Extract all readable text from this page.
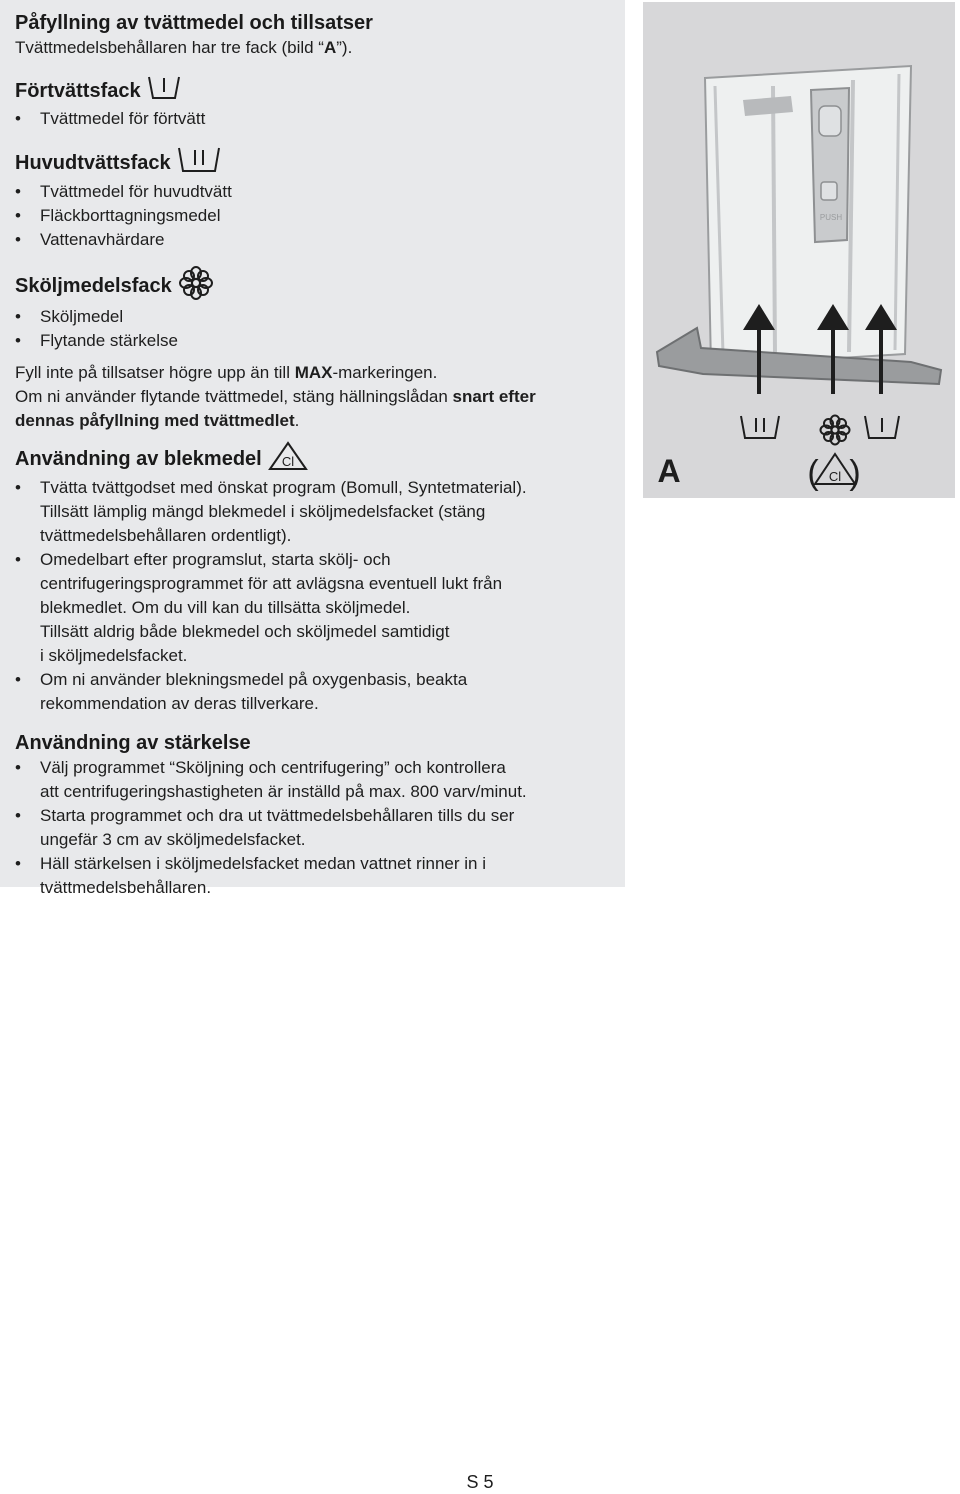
Påfyllning av tvättmedel och tillsatser

Tvättmedelsbehållaren har tre fack (bild “A”).

Förtvättsfack

•
Tvättmedel för förtvätt

Huvudtvättsfack

•
Tvättmedel för huvudtvätt

•
Fläckborttagningsmedel

•
Vattenavhärdare

Sköljmedelsfack

•
Sköljmedel

•
Flytande stärkelse

Fyll inte på tillsatser högre upp än till MAX-markeringen.

Om ni använder flytande tvättmedel, stäng hällningslådan snart efter

dennas påfyllning med tvättmedlet.

Användning av blekmedel Cl

•
Tvätta tvättgodset med önskat program (Bomull, Syntetmaterial).

Tillsätt lämplig mängd blekmedel i sköljmedelsfacket (stäng

tvättmedelsbehållaren ordentligt).

•
Omedelbart efter programslut, starta skölj- och

centrifugeringsprogrammet för att avlägsna eventuell lukt från

blekmedlet. Om du vill kan du tillsätta sköljmedel.

Tillsätt aldrig både blekmedel och sköljmedel samtidigt

i sköljmedelsfacket.

•
Om ni använder blekningsmedel på oxygenbasis, beakta

rekommendation av deras tillverkare.

Användning av stärkelse

•
Välj programmet “Sköljning och centrifugering” och kontrollera

att centrifugeringshastigheten är inställd på max. 800 varv/minut.

•
Starta programmet och dra ut tvättmedelsbehållaren tills du ser

ungefär 3 cm av sköljmedelsfacket.

•
Häll stärkelsen i sköljmedelsfacket medan vattnet rinner in i

tvättmedelsbehållaren.

PUSH
A	( Cl )
S 5
